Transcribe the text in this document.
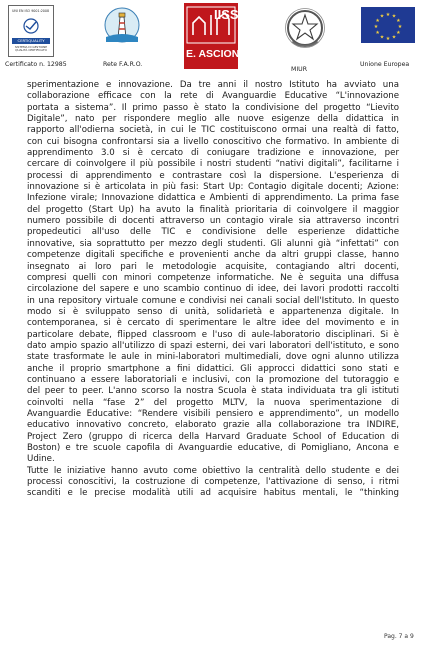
UNI EN ISO 9001:2008
CERTIQUALITY
SISTEMA DI GESTIONE QUALITÀ CERTIFICATO
Certificato n. 12985	Rete F.A.R.O.
IISS
E. ASCIONE
MIUR
★ ★
★
★
★
★
★
★
★
★
★
★
Unione Europea

sperimentazione e innovazione. Da tre anni il nostro Istituto ha avviato una
collaborazione efficace con la rete di Avanguardie Educative “L'innovazione
portata a sistema”. Il primo passo è stato la condivisione del progetto “Lievito
Digitale”, nato per rispondere meglio alle nuove esigenze della didattica in
rapporto all'odierna società, in cui le TIC costituiscono ormai una realtà di fatto,
con cui bisogna confrontarsi sia a livello conoscitivo che formativo. In ambiente di
apprendimento 3.0 si è cercato di coniugare tradizione e innovazione, per
cercare di coinvolgere il più possibile i nostri studenti “nativi digitali”, facilitarne i
processi di apprendimento e contrastare così la dispersione. L'esperienza di
innovazione si è articolata in più fasi: Start Up: Contagio digitale docenti; Azione:
Infezione virale; Innovazione didattica e Ambienti di apprendimento. La prima fase
del progetto (Start Up) ha avuto la finalità prioritaria di coinvolgere il maggior
numero possibile di docenti attraverso un contagio virale sia attraverso incontri
propedeutici all'uso delle TIC e condivisione delle esperienze didattiche
innovative, sia soprattutto per mezzo degli studenti. Gli alunni già “infettati” con
competenze digitali specifiche e provenienti anche da altri gruppi classe, hanno
insegnato ai loro pari le metodologie acquisite, contagiando altri docenti,
compresi quelli con minori competenze informatiche. Ne è seguita una diffusa
circolazione del sapere e uno scambio continuo di idee, dei lavori prodotti raccolti
in una repository virtuale comune e condivisi nei canali social dell'Istituto. In questo
modo si è sviluppato senso di unità, solidarietà e appartenenza digitale. In
contemporanea, si è cercato di sperimentare le altre idee del movimento e in
particolare debate, flipped classroom e l'uso di aule-laboratorio disciplinari. Si è
dato ampio spazio all'utilizzo di spazi esterni, dei vari laboratori dell'istituto, e sono
state trasformate le aule in mini-laboratori multimediali, dove ogni alunno utilizza
anche il proprio smartphone a fini didattici. Gli approcci didattici sono stati e
continuano a essere laboratoriali e inclusivi, con la promozione del tutoraggio e
del peer to peer. L'anno scorso la nostra Scuola è stata individuata tra gli istituti
coinvolti nella “fase 2” del progetto MLTV, la nuova sperimentazione di
Avanguardie Educative: “Rendere visibili pensiero e apprendimento”, un modello
educativo innovativo concreto, elaborato grazie alla collaborazione tra INDIRE,
Project Zero (gruppo di ricerca della Harvard Graduate School of Education di
Boston) e tre scuole capofila di Avanguardie educative, di Pomigliano, Ancona e
Udine.

Tutte le iniziative hanno avuto come obiettivo la centralità dello studente e dei
processi conoscitivi, la costruzione di competenze, l'attivazione di senso, i ritmi
scanditi e le precise modalità utili ad acquisire habitus mentali, le “thinking

Pag. 7 a 9
